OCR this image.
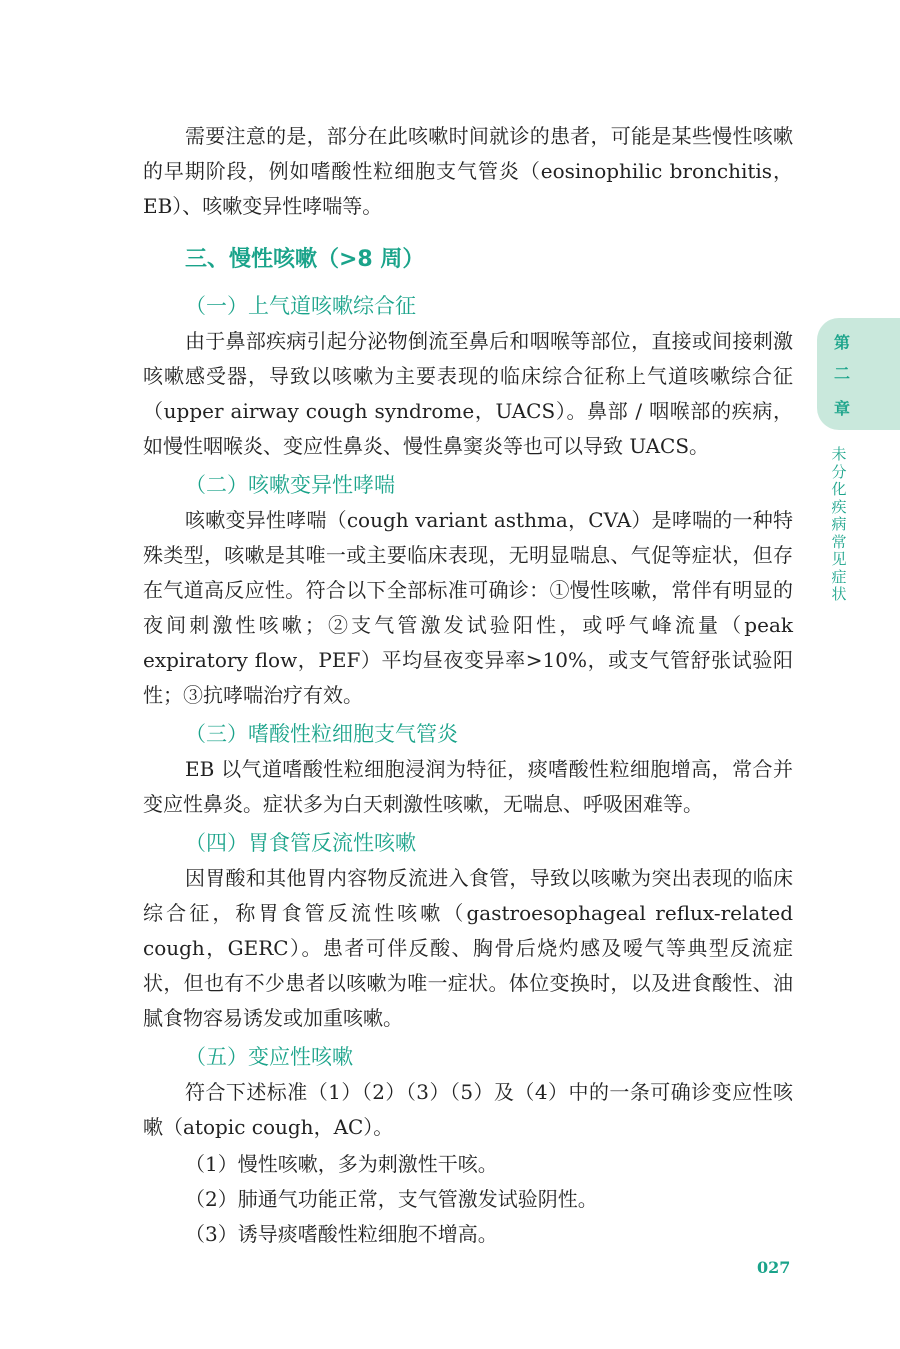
需要注意的是，部分在此咳嗽时间就诊的患者，可能是某些慢性咳嗽的早期阶段，例如嗜酸性粒细胞支气管炎（eosinophilic bronchitis，EB）、咳嗽变异性哮喘等。

三、慢性咳嗽（>8 周）
（一）上气道咳嗽综合征

由于鼻部疾病引起分泌物倒流至鼻后和咽喉等部位，直接或间接刺激咳嗽感受器，导致以咳嗽为主要表现的临床综合征称上气道咳嗽综合征（upper airway cough syndrome，UACS）。鼻部 / 咽喉部的疾病，如慢性咽喉炎、变应性鼻炎、慢性鼻窦炎等也可以导致 UACS。

（二）咳嗽变异性哮喘

咳嗽变异性哮喘（cough variant asthma，CVA）是哮喘的一种特殊类型，咳嗽是其唯一或主要临床表现，无明显喘息、气促等症状，但存在气道高反应性。符合以下全部标准可确诊：①慢性咳嗽，常伴有明显的夜间刺激性咳嗽；②支气管激发试验阳性，或呼气峰流量（peak expiratory flow，PEF）平均昼夜变异率>10%，或支气管舒张试验阳性；③抗哮喘治疗有效。

（三）嗜酸性粒细胞支气管炎

EB 以气道嗜酸性粒细胞浸润为特征，痰嗜酸性粒细胞增高，常合并变应性鼻炎。症状多为白天刺激性咳嗽，无喘息、呼吸困难等。

（四）胃食管反流性咳嗽

因胃酸和其他胃内容物反流进入食管，导致以咳嗽为突出表现的临床综合征，称胃食管反流性咳嗽（gastroesophageal reflux-related cough，GERC）。患者可伴反酸、胸骨后烧灼感及嗳气等典型反流症状，但也有不少患者以咳嗽为唯一症状。体位变换时，以及进食酸性、油腻食物容易诱发或加重咳嗽。

（五）变应性咳嗽

符合下述标准（1）（2）（3）（5）及（4）中的一条可确诊变应性咳嗽（atopic cough，AC）。

（1）慢性咳嗽，多为刺激性干咳。

（2）肺通气功能正常，支气管激发试验阴性。

（3）诱导痰嗜酸性粒细胞不增高。

第
二
章
未
分
化
疾
病
常
见
症
状
027
